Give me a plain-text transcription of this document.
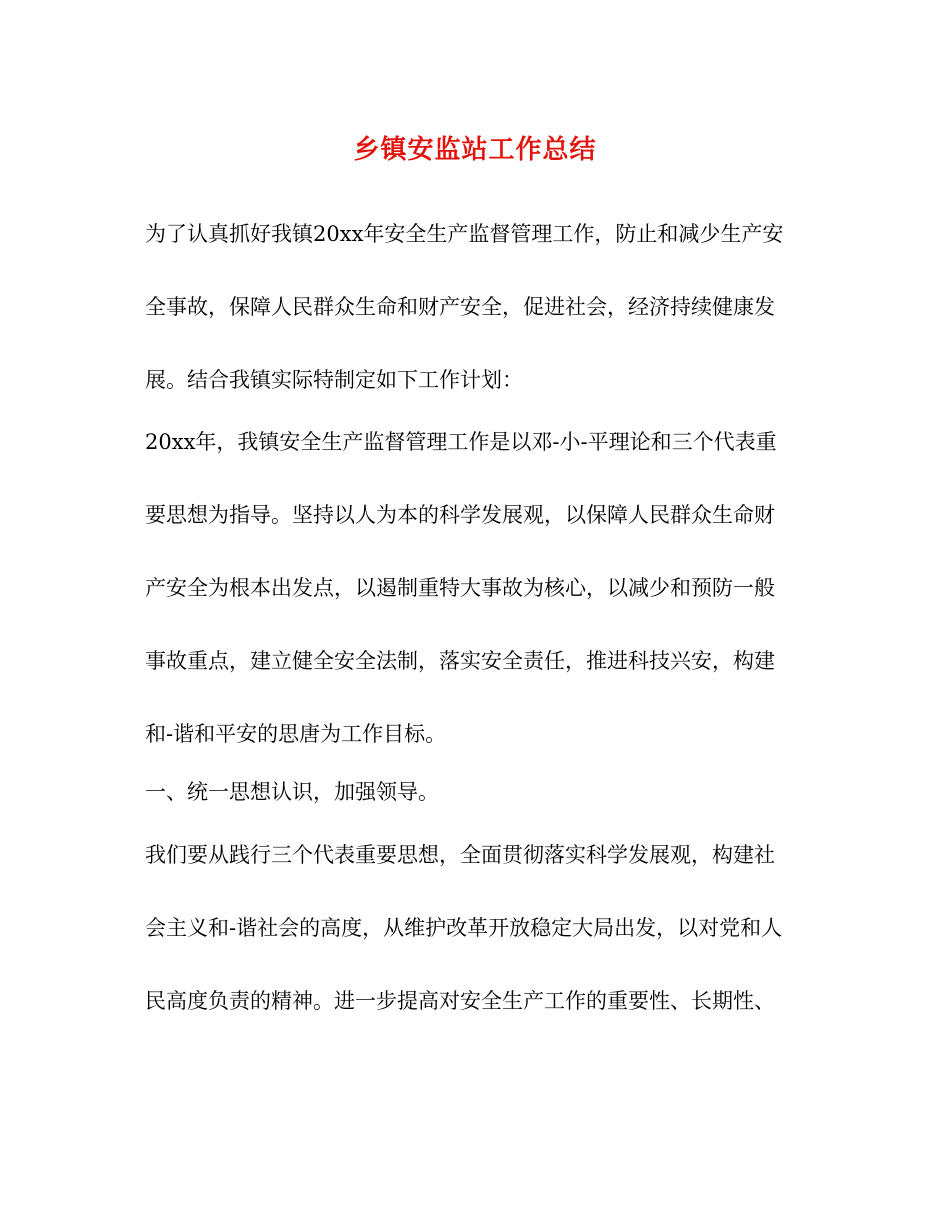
乡镇安监站工作总结
为了认真抓好我镇20xx年安全生产监督管理工作，防止和减少生产安
全事故，保障人民群众生命和财产安全，促进社会，经济持续健康发
展。结合我镇实际特制定如下工作计划：
20xx年，我镇安全生产监督管理工作是以邓-小-平理论和三个代表重
要思想为指导。坚持以人为本的科学发展观，以保障人民群众生命财
产安全为根本出发点，以遏制重特大事故为核心，以减少和预防一般
事故重点，建立健全安全法制，落实安全责任，推进科技兴安，构建
和-谐和平安的思唐为工作目标。
一、统一思想认识，加强领导。
我们要从践行三个代表重要思想，全面贯彻落实科学发展观，构建社
会主义和-谐社会的高度，从维护改革开放稳定大局出发，以对党和人
民高度负责的精神。进一步提高对安全生产工作的重要性、长期性、
